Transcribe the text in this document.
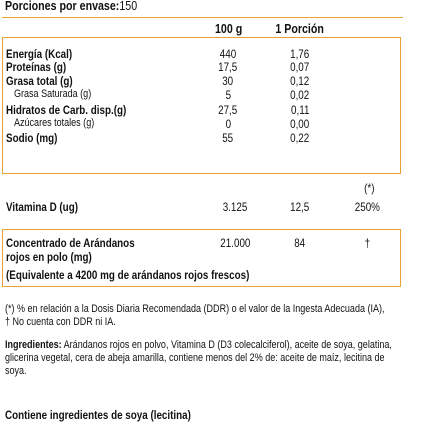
Porciones por envase:150
100 g	1 Porción
Energía (Kcal)	440	1,76
Proteínas (g)	17,5	0,07
Grasa total (g)	30	0,12
Grasa Saturada (g)	5	0,02
Hidratos de Carb. disp.(g)	27,5	0,11
Azúcares totales (g)	0	0,00
Sodio (mg)	55	0,22
(*)
Vitamina D (ug)	3.125	12,5	250%
Concentrado de Arándanos
rojos en polo (mg)
21.000	84	†
(Equivalente a 4200 mg de arándanos rojos frescos)
(*) % en relación a la Dosis Diaria Recomendada (DDR) o el valor de la Ingesta Adecuada (IA), † No cuenta con DDR ni IA.
Ingredientes: Arándanos rojos en polvo, Vitamina D (D3 colecalciferol), aceite de soya, gelatina, glicerina vegetal, cera de abeja amarilla, contiene menos del 2% de: aceite de maíz, lecitina de soya.
Contiene ingredientes de soya (lecitina)
